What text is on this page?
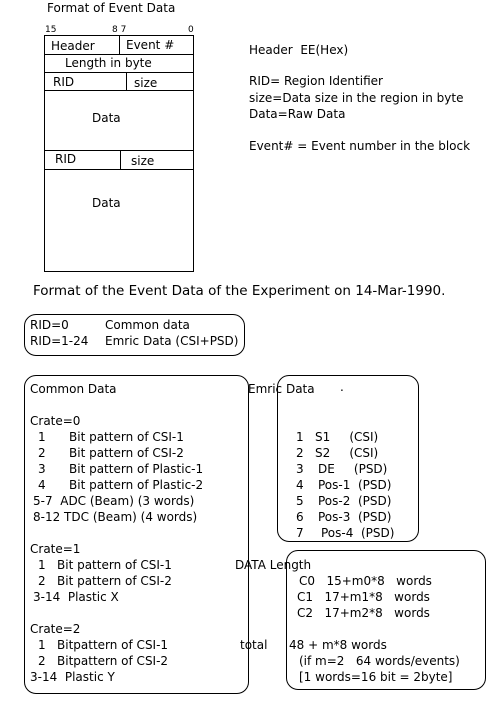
Format of Event Data
15	8 7	0
Header	Event #
Length in byte
RID	size
Data
RID	size
Data
Header  EE(Hex)
RID= Region Identifier
size=Data size in the region in byte
Data=Raw Data
Event# = Event number in the block
Format of the Event Data of the Experiment on 14-Mar-1990.
RID=0	Common data
RID=1-24 Emric Data (CSI+PSD)
Common Data
Crate=0
1 Bit pattern of CSI-1
2 Bit pattern of CSI-2
3 Bit pattern of Plastic-1
4 Bit pattern of Plastic-2
5-7  ADC (Beam) (3 words)
8-12 TDC (Beam) (4 words)
Crate=1
1 Bit pattern of CSI-1
2 Bit pattern of CSI-2
3-14  Plastic X
Crate=2
1 Bitpattern of CSI-1
2 Bitpattern of CSI-2
3-14  Plastic Y
Emric Data .
1 S1     (CSI)
2 S2     (CSI)
3 DE     (PSD)
4 Pos-1  (PSD)
5 Pos-2  (PSD)
6 Pos-3  (PSD)
7 Pos-4  (PSD)
DATA Length
C0   15+m0*8   words
C1   17+m1*8   words
C2   17+m2*8   words
total 48 + m*8 words
(if m=2   64 words/events)
[1 words=16 bit = 2byte]
